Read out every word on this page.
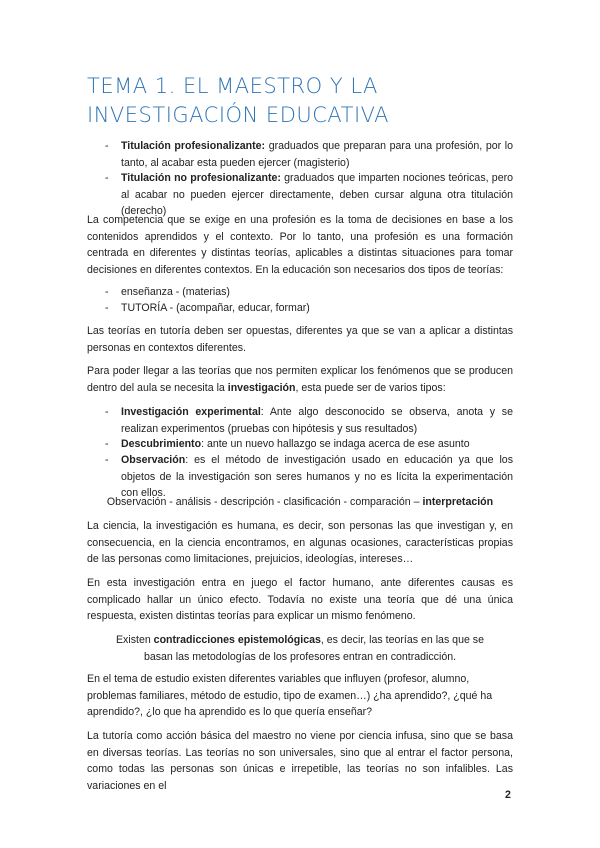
TEMA 1. EL MAESTRO Y LA INVESTIGACIÓN EDUCATIVA
- Titulación profesionalizante: graduados que preparan para una profesión, por lo tanto, al acabar esta pueden ejercer (magisterio)
- Titulación no profesionalizante: graduados que imparten nociones teóricas, pero al acabar no pueden ejercer directamente, deben cursar alguna otra titulación (derecho)
La competencia que se exige en una profesión es la toma de decisiones en base a los contenidos aprendidos y el contexto. Por lo tanto, una profesión es una formación centrada en diferentes y distintas teorías, aplicables a distintas situaciones para tomar decisiones en diferentes contextos. En la educación son necesarios dos tipos de teorías:
- enseñanza - (materias)
- TUTORÍA - (acompañar, educar, formar)
Las teorías en tutoría deben ser opuestas, diferentes ya que se van a aplicar a distintas personas en contextos diferentes.
Para poder llegar a las teorías que nos permiten explicar los fenómenos que se producen dentro del aula se necesita la investigación, esta puede ser de varios tipos:
- Investigación experimental: Ante algo desconocido se observa, anota y se realizan experimentos (pruebas con hipótesis y sus resultados)
- Descubrimiento: ante un nuevo hallazgo se indaga acerca de ese asunto
- Observación: es el método de investigación usado en educación ya que los objetos de la investigación son seres humanos y no es lícita la experimentación con ellos.
Observación - análisis - descripción - clasificación - comparación – interpretación
La ciencia, la investigación es humana, es decir, son personas las que investigan y, en consecuencia, en la ciencia encontramos, en algunas ocasiones, características propias de las personas como limitaciones, prejuicios, ideologías, intereses…
En esta investigación entra en juego el factor humano, ante diferentes causas es complicado hallar un único efecto. Todavía no existe una teoría que dé una única respuesta, existen distintas teorías para explicar un mismo fenómeno.
Existen contradicciones epistemológicas, es decir, las teorías en las que se basan las metodologías de los profesores entran en contradicción.
En el tema de estudio existen diferentes variables que influyen (profesor, alumno, problemas familiares, método de estudio, tipo de examen…) ¿ha aprendido?, ¿qué ha aprendido?, ¿lo que ha aprendido es lo que quería enseñar?
La tutoría como acción básica del maestro no viene por ciencia infusa, sino que se basa en diversas teorías. Las teorías no son universales, sino que al entrar el factor persona, como todas las personas son únicas e irrepetible, las teorías no son infalibles. Las variaciones en el
2
